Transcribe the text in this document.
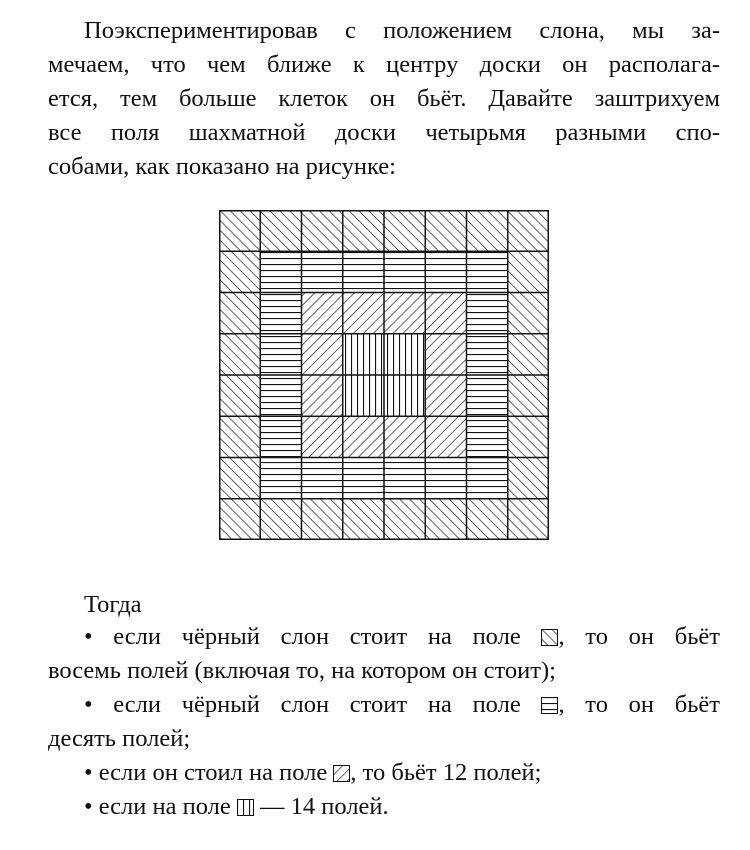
Поэкспериментировав с положением слона, мы за-
мечаем, что чем ближе к центру доски он располага-
ется, тем больше клеток он бьёт. Давайте заштрихуем
все поля шахматной доски четырьмя разными спо-
собами, как показано на рисунке:

Тогда

• если чёрный слон стоит на поле , то он бьёт
восемь полей (включая то, на котором он стоит);
• если чёрный слон стоит на поле , то он бьёт
десять полей;
• если он стоил на поле , то бьёт 12 полей;
• если на поле
— 14 полей.
